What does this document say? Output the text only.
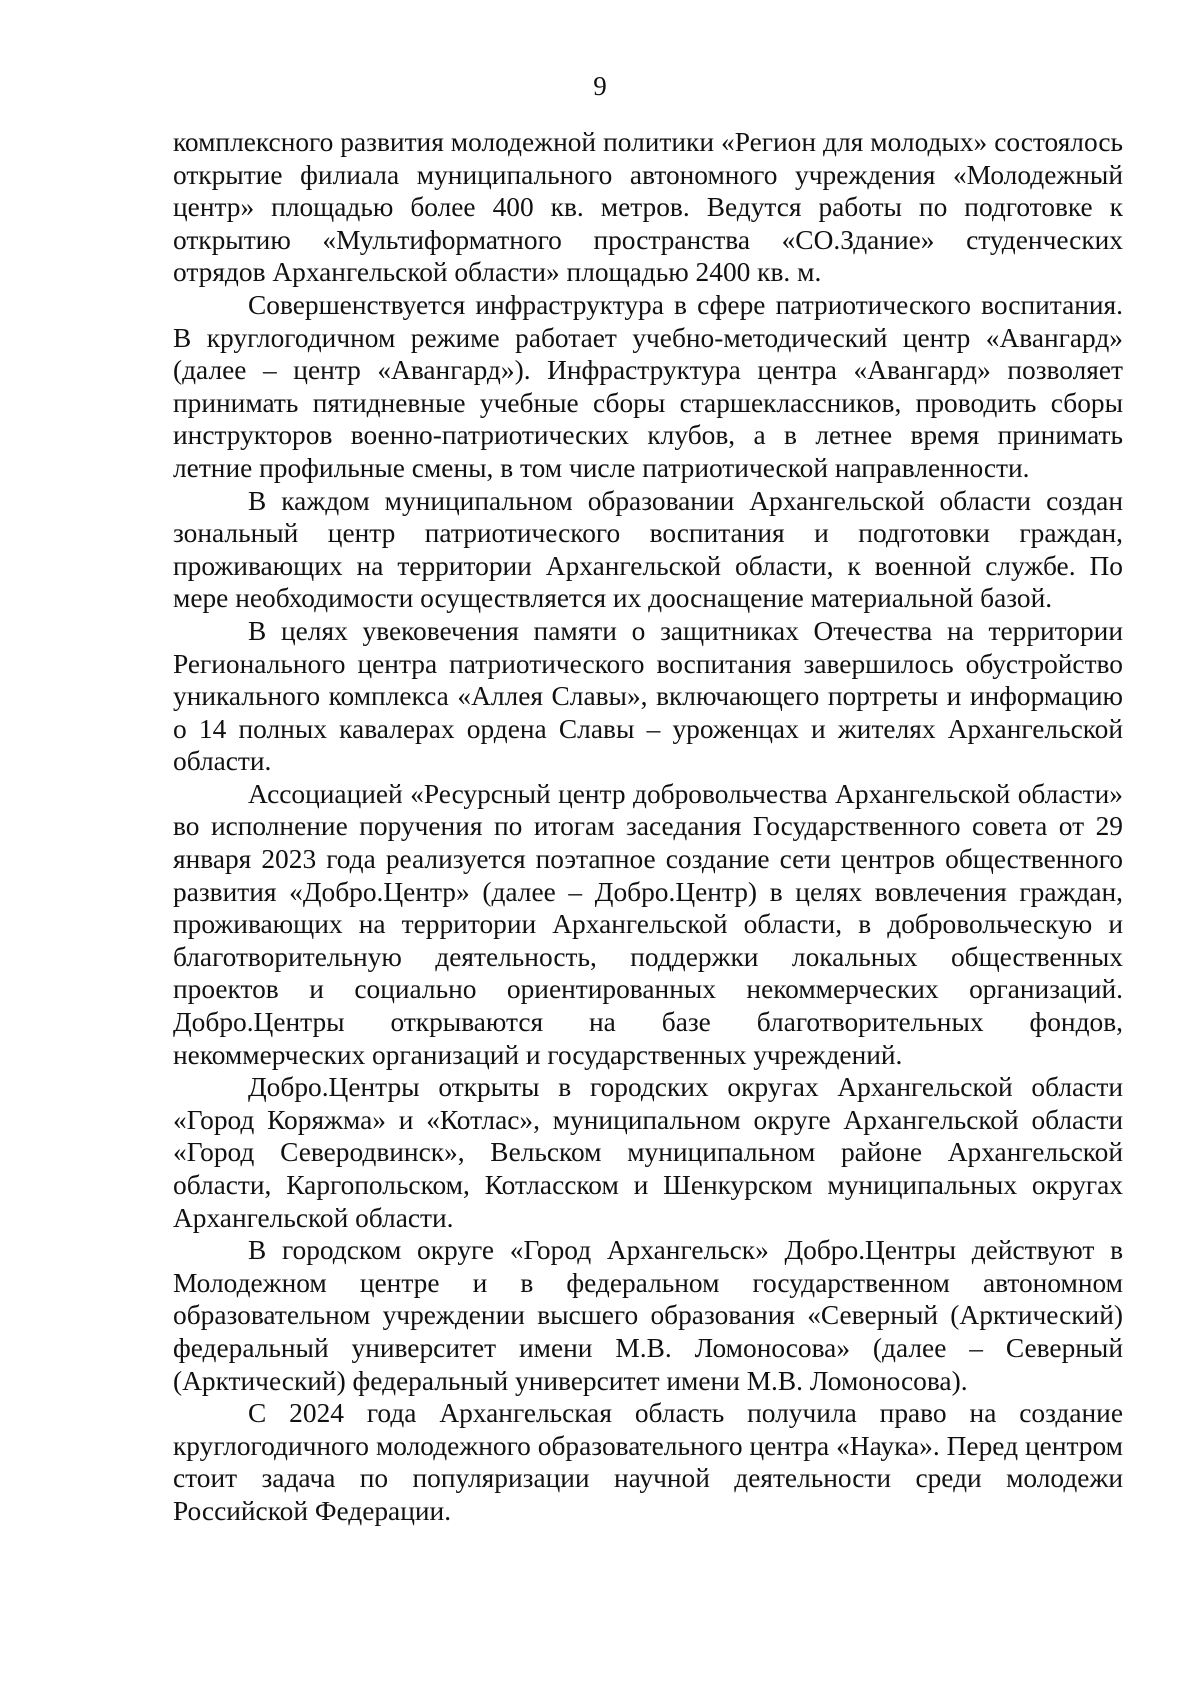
9

комплексного развития молодежной политики «Регион для молодых» состоялось открытие филиала муниципального автономного учреждения «Молодежный центр» площадью более 400 кв. метров. Ведутся работы по подготовке к открытию «Мультиформатного пространства «СО.Здание» студенческих отрядов Архангельской области» площадью 2400 кв. м.

Совершенствуется инфраструктура в сфере патриотического воспитания. В круглогодичном режиме работает учебно-методический центр «Авангард» (далее – центр «Авангард»). Инфраструктура центра «Авангард» позволяет принимать пятидневные учебные сборы старшеклассников, проводить сборы инструкторов военно-патриотических клубов, а в летнее время принимать летние профильные смены, в том числе патриотической направленности.

В каждом муниципальном образовании Архангельской области создан зональный центр патриотического воспитания и подготовки граждан, проживающих на территории Архангельской области, к военной службе. По мере необходимости осуществляется их дооснащение материальной базой.

В целях увековечения памяти о защитниках Отечества на территории Регионального центра патриотического воспитания завершилось обустройство уникального комплекса «Аллея Славы», включающего портреты и информацию о 14 полных кавалерах ордена Славы – уроженцах и жителях Архангельской области.

Ассоциацией «Ресурсный центр добровольчества Архангельской области» во исполнение поручения по итогам заседания Государственного совета от 29 января 2023 года реализуется поэтапное создание сети центров общественного развития «Добро.Центр» (далее – Добро.Центр) в целях вовлечения граждан, проживающих на территории Архангельской области, в добровольческую и благотворительную деятельность, поддержки локальных общественных проектов и социально ориентированных некоммерческих организаций. Добро.Центры открываются на базе благотворительных фондов, некоммерческих организаций и государственных учреждений.

Добро.Центры открыты в городских округах Архангельской области «Город Коряжма» и «Котлас», муниципальном округе Архангельской области «Город Северодвинск», Вельском муниципальном районе Архангельской области, Каргопольском, Котласском и Шенкурском муниципальных округах Архангельской области.

В городском округе «Город Архангельск» Добро.Центры действуют в Молодежном центре и в федеральном государственном автономном образовательном учреждении высшего образования «Северный (Арктический) федеральный университет имени М.В. Ломоносова» (далее – Северный (Арктический) федеральный университет имени М.В. Ломоносова).

С 2024 года Архангельская область получила право на создание круглогодичного молодежного образовательного центра «Наука». Перед центром стоит задача по популяризации научной деятельности среди молодежи Российской Федерации.
